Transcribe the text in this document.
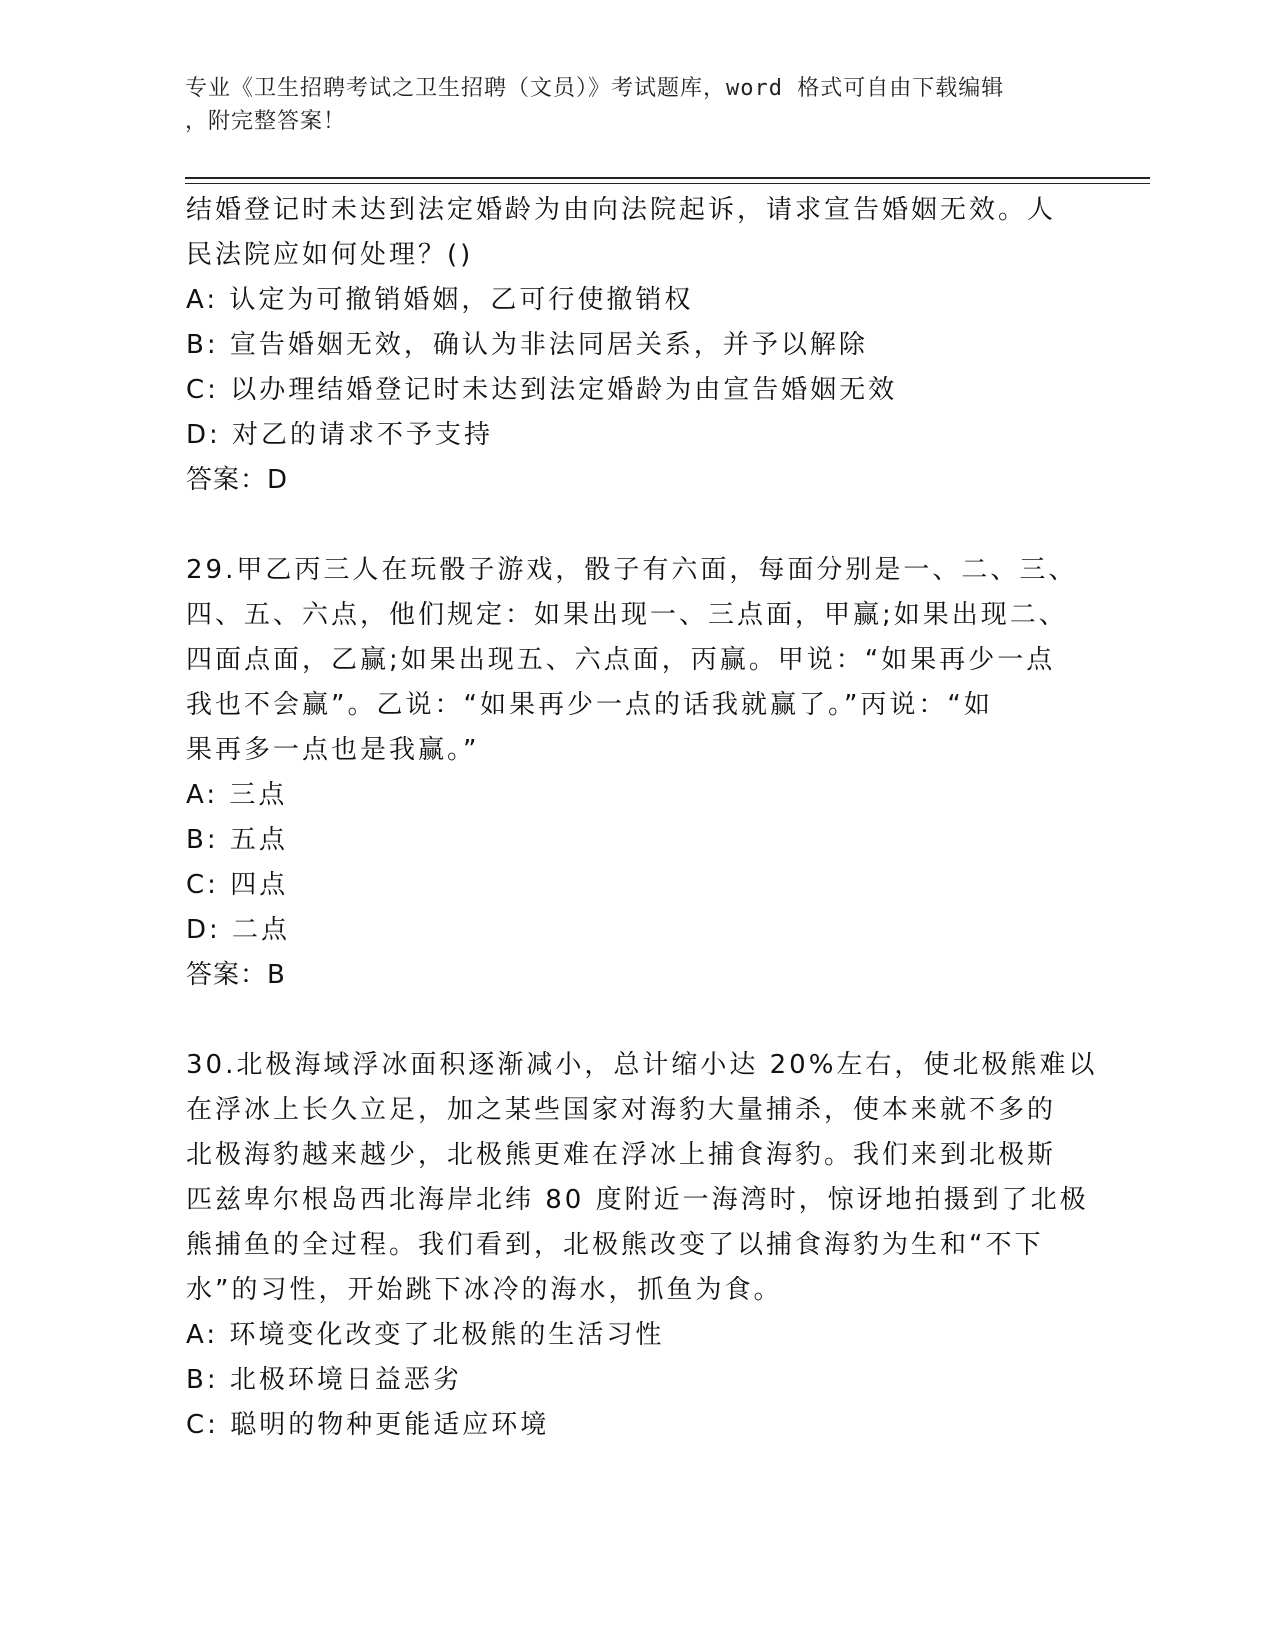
专业《卫生招聘考试之卫生招聘（文员）》考试题库，word 格式可自由下载编辑
，附完整答案！
结婚登记时未达到法定婚龄为由向法院起诉，请求宣告婚姻无效。人
民法院应如何处理？()
A: 认定为可撤销婚姻，乙可行使撤销权
B: 宣告婚姻无效，确认为非法同居关系，并予以解除
C: 以办理结婚登记时未达到法定婚龄为由宣告婚姻无效
D: 对乙的请求不予支持
答案：D
29.甲乙丙三人在玩骰子游戏，骰子有六面，每面分别是一、二、三、
四、五、六点，他们规定：如果出现一、三点面，甲赢;如果出现二、
四面点面，乙赢;如果出现五、六点面，丙赢。甲说：“如果再少一点
我也不会赢”。乙说：“如果再少一点的话我就赢了。”丙说：“如
果再多一点也是我赢。”
A: 三点
B: 五点
C: 四点
D: 二点
答案：B
30.北极海域浮冰面积逐渐减小，总计缩小达 20%左右，使北极熊难以
在浮冰上长久立足，加之某些国家对海豹大量捕杀，使本来就不多的
北极海豹越来越少，北极熊更难在浮冰上捕食海豹。我们来到北极斯
匹兹卑尔根岛西北海岸北纬 80 度附近一海湾时，惊讶地拍摄到了北极
熊捕鱼的全过程。我们看到，北极熊改变了以捕食海豹为生和“不下
水”的习性，开始跳下冰冷的海水，抓鱼为食。
A: 环境变化改变了北极熊的生活习性
B: 北极环境日益恶劣
C: 聪明的物种更能适应环境
